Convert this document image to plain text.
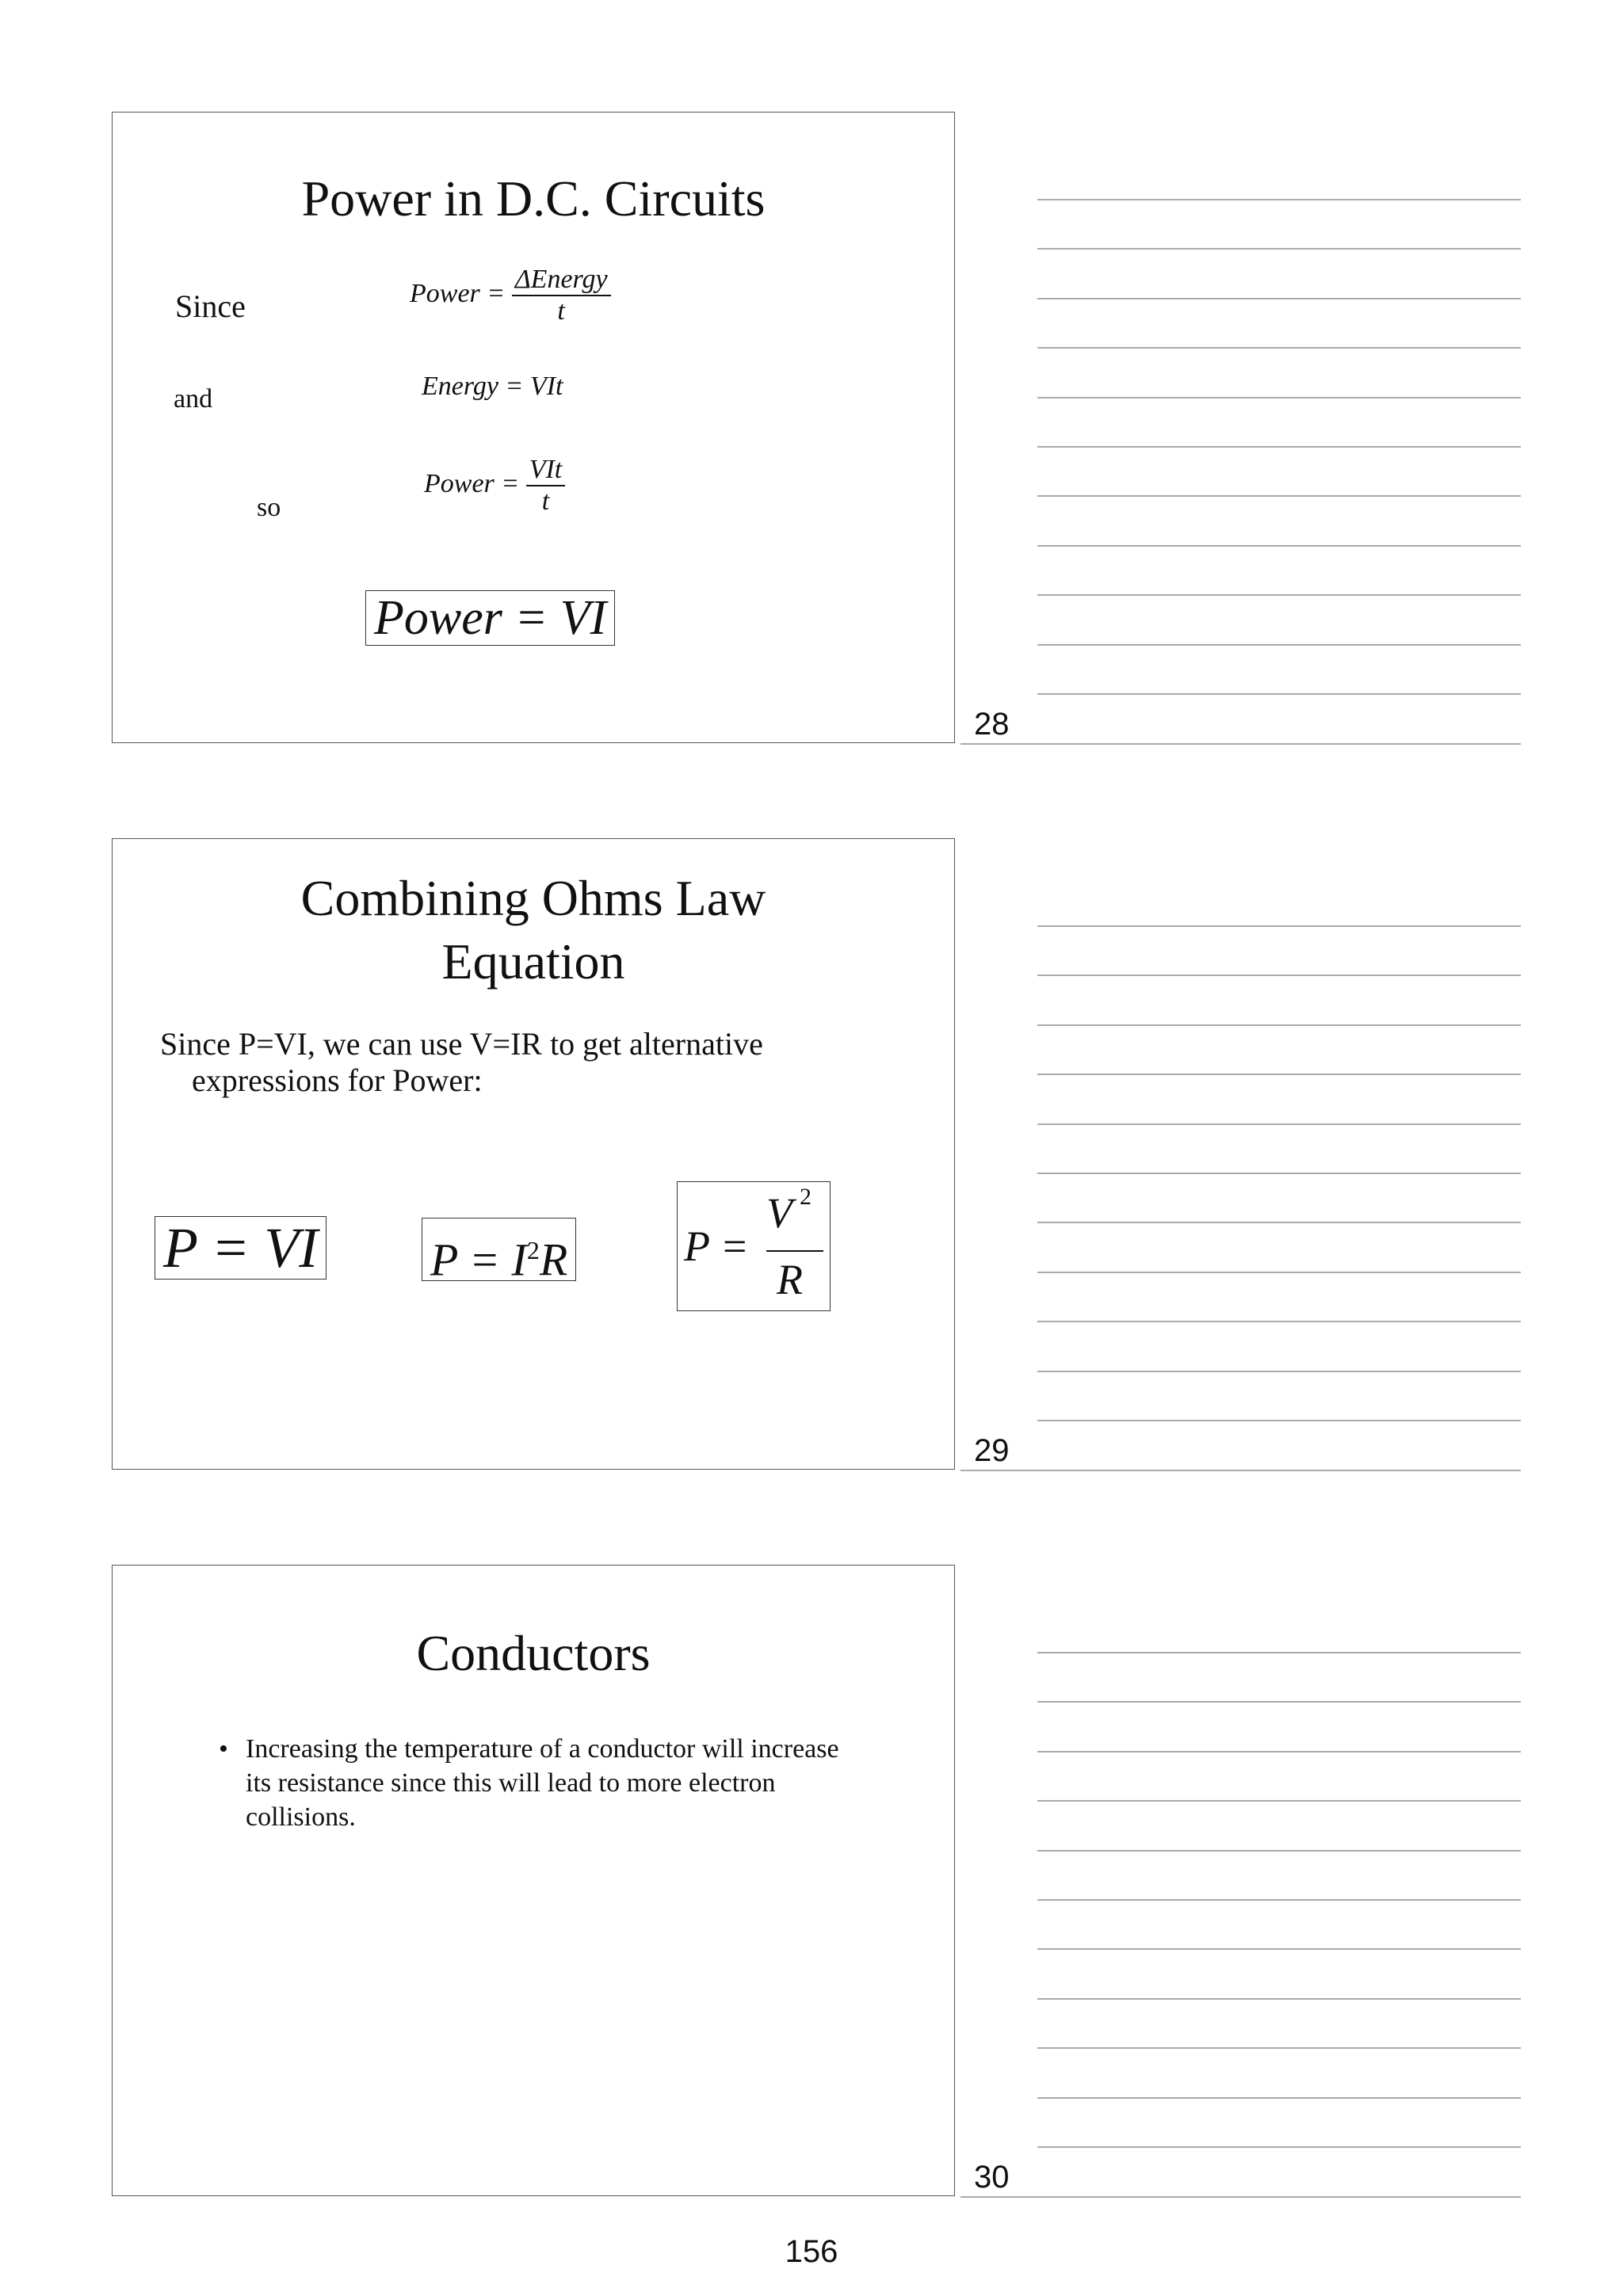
Power in D.C. Circuits
Since	Power = $\frac{\text{ΔEnergy}}{t}$
and	Energy = VIt
so
Power = $\frac{\text{VIt}}{t}$
Power = VI
28
Combining Ohms Law
Equation
Since P=VI, we can use V=IR to get alternative
expressions for Power:
P = VI $P = I^2R$	P =
V 2
R
29
Conductors
• Increasing the temperature of a conductor will increase its resistance since this will lead to more electron collisions.
30
156
